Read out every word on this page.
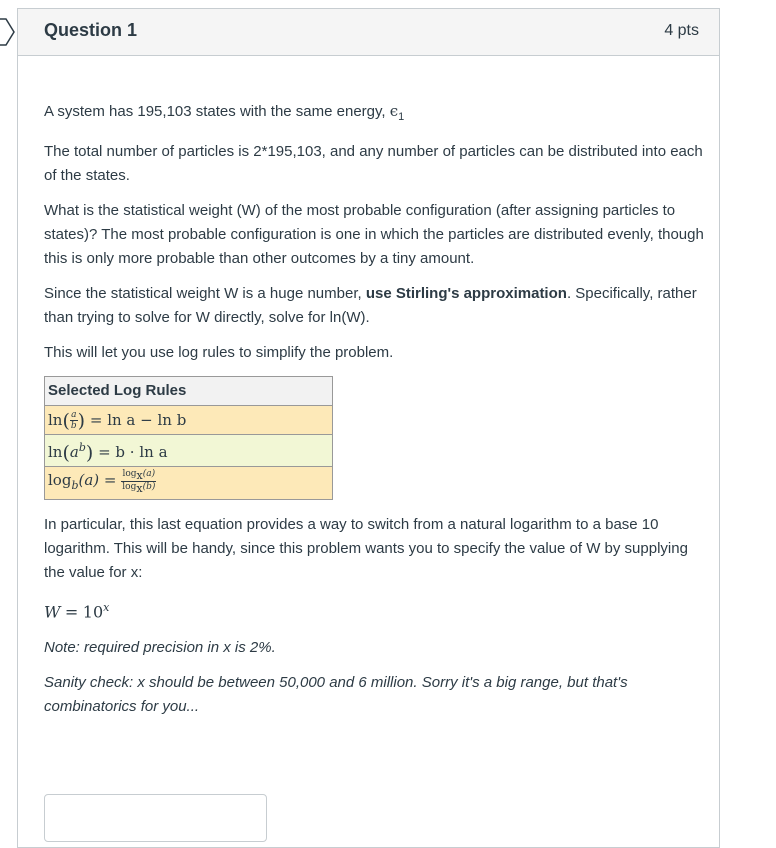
Question 1	4 pts

A system has 195,103 states with the same energy, $\epsilon_1$

The total number of particles is 2*195,103, and any number of particles can be distributed into each of the states.

What is the statistical weight (W) of the most probable configuration (after assigning particles to states)? The most probable configuration is one in which the particles are distributed evenly, though this is only more probable than other outcomes by a tiny amount.

Since the statistical weight W is a huge number, use Stirling's approximation. Specifically, rather than trying to solve for W directly, solve for ln(W).

This will let you use log rules to simplify the problem.

Selected Log Rules
$\ln( \frac{a}{b}$ ) = ln a − ln b
$\ln(a^b) = b \cdot \ln a$
$\log_b(a) = \frac{\log_x(a)}{\log_x(b)}$

In particular, this last equation provides a way to switch from a natural logarithm to a base 10 logarithm. This will be handy, since this problem wants you to specify the value of W by supplying the value for x:

$W = 10^x$

Note: required precision in x is 2%.

Sanity check: x should be between 50,000 and 6 million. Sorry it's a big range, but that's combinatorics for you...
